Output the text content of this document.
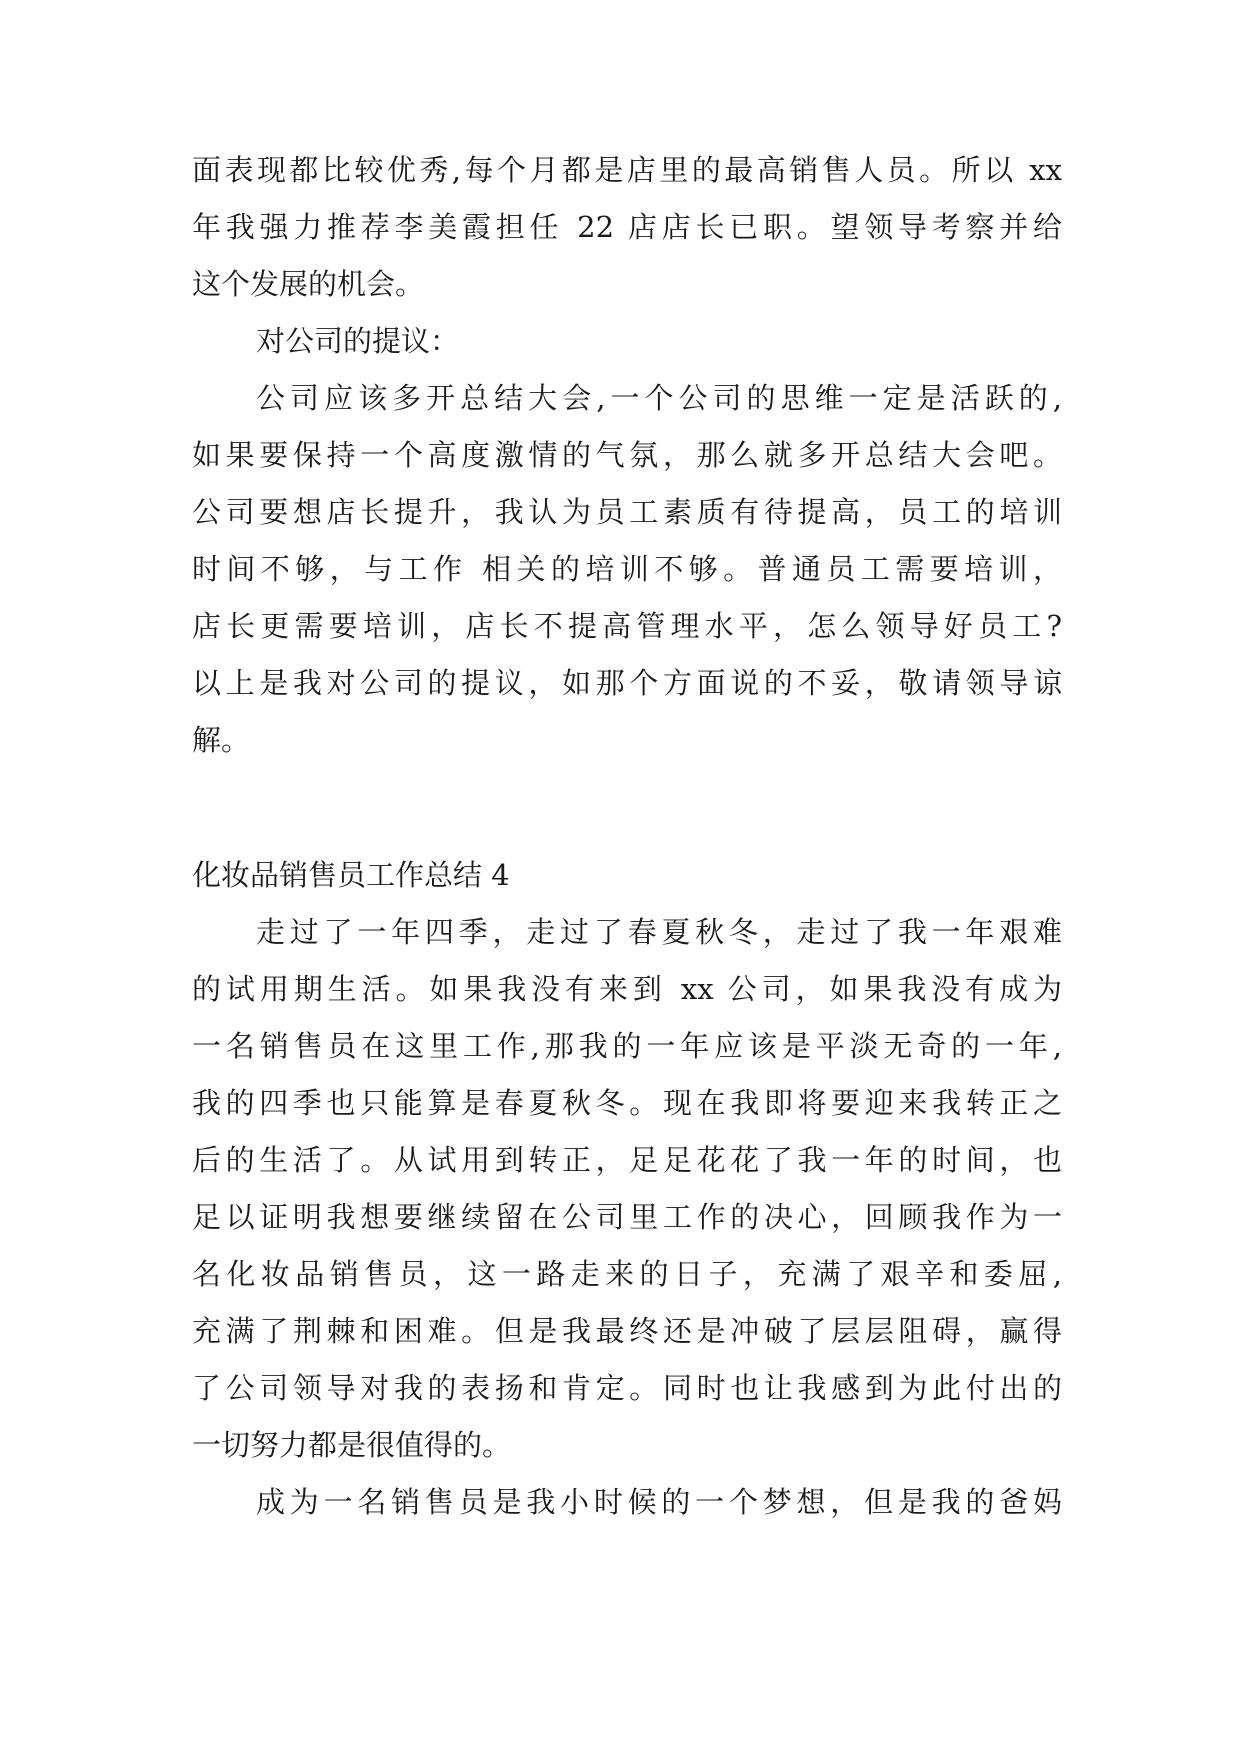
面表现都比较优秀,每个月都是店里的最高销售人员。所以 xx
年我强力推荐李美霞担任 22 店店长已职。望领导考察并给
这个发展的机会。
对公司的提议：
公司应该多开总结大会,一个公司的思维一定是活跃的,
如果要保持一个高度激情的气氛，那么就多开总结大会吧。
公司要想店长提升，我认为员工素质有待提高，员工的培训
时间不够，与工作 相关的培训不够。普通员工需要培训，
店长更需要培训，店长不提高管理水平，怎么领导好员工?
以上是我对公司的提议，如那个方面说的不妥，敬请领导谅
解。
化妆品销售员工作总结 4
走过了一年四季，走过了春夏秋冬，走过了我一年艰难
的试用期生活。如果我没有来到 xx 公司，如果我没有成为
一名销售员在这里工作,那我的一年应该是平淡无奇的一年,
我的四季也只能算是春夏秋冬。现在我即将要迎来我转正之
后的生活了。从试用到转正，足足花花了我一年的时间，也
足以证明我想要继续留在公司里工作的决心，回顾我作为一
名化妆品销售员，这一路走来的日子，充满了艰辛和委屈,
充满了荆棘和困难。但是我最终还是冲破了层层阻碍，赢得
了公司领导对我的表扬和肯定。同时也让我感到为此付出的
一切努力都是很值得的。
成为一名销售员是我小时候的一个梦想，但是我的爸妈
